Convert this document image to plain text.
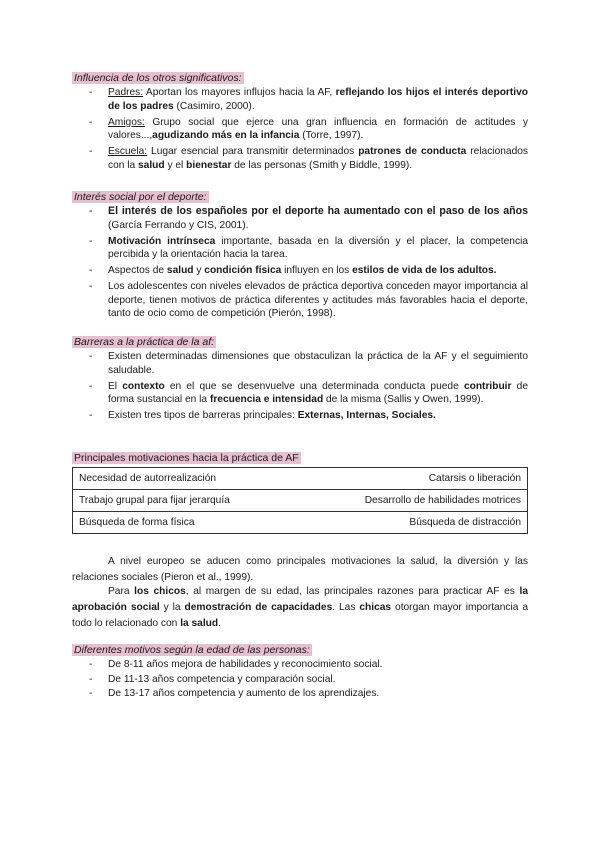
Influencia de los otros significativos:
- Padres: Aportan los mayores influjos hacia la AF, reflejando los hijos el interés deportivo de los padres (Casimiro, 2000).
- Amigos: Grupo social que ejerce una gran influencia en formación de actitudes y valores...,agudizando más en la infancia (Torre, 1997).
- Escuela: Lugar esencial para transmitir determinados patrones de conducta relacionados con la salud y el bienestar de las personas (Smith y Biddle, 1999).
Interés social por el deporte:
- El interés de los españoles por el deporte ha aumentado con el paso de los años (García Ferrando y CIS, 2001).
- Motivación intrínseca importante, basada en la diversión y el placer, la competencia percibida y la orientación hacia la tarea.
- Aspectos de salud y condición física influyen en los estilos de vida de los adultos.
- Los adolescentes con niveles elevados de práctica deportiva conceden mayor importancia al deporte, tienen motivos de práctica diferentes y actitudes más favorables hacia el deporte, tanto de ocio como de competición (Pierón, 1998).
Barreras a la práctica de la af:
- Existen determinadas dimensiones que obstaculizan la práctica de la AF y el seguimiento saludable.
- El contexto en el que se desenvuelve una determinada conducta puede contribuir de forma sustancial en la frecuencia e intensidad de la misma (Sallis y Owen, 1999).
- Existen tres tipos de barreras principales: Externas, Internas, Sociales.
Principales motivaciones hacia la práctica de AF
Necesidad de autorrealización	Catarsis o liberación
Trabajo grupal para fijar jerarquía	Desarrollo de habilidades motrices
Búsqueda de forma física	Búsqueda de distracción
A nivel europeo se aducen como principales motivaciones la salud, la diversión y las relaciones sociales (Pieron et al., 1999).
Para los chicos, al margen de su edad, las principales razones para practicar AF es la aprobación social y la demostración de capacidades. Las chicas otorgan mayor importancia a todo lo relacionado con la salud.
Diferentes motivos según la edad de las personas:
- De 8-11 años mejora de habilidades y reconocimiento social.
- De 11-13 años competencia y comparación social.
- De 13-17 años competencia y aumento de los aprendizajes.
